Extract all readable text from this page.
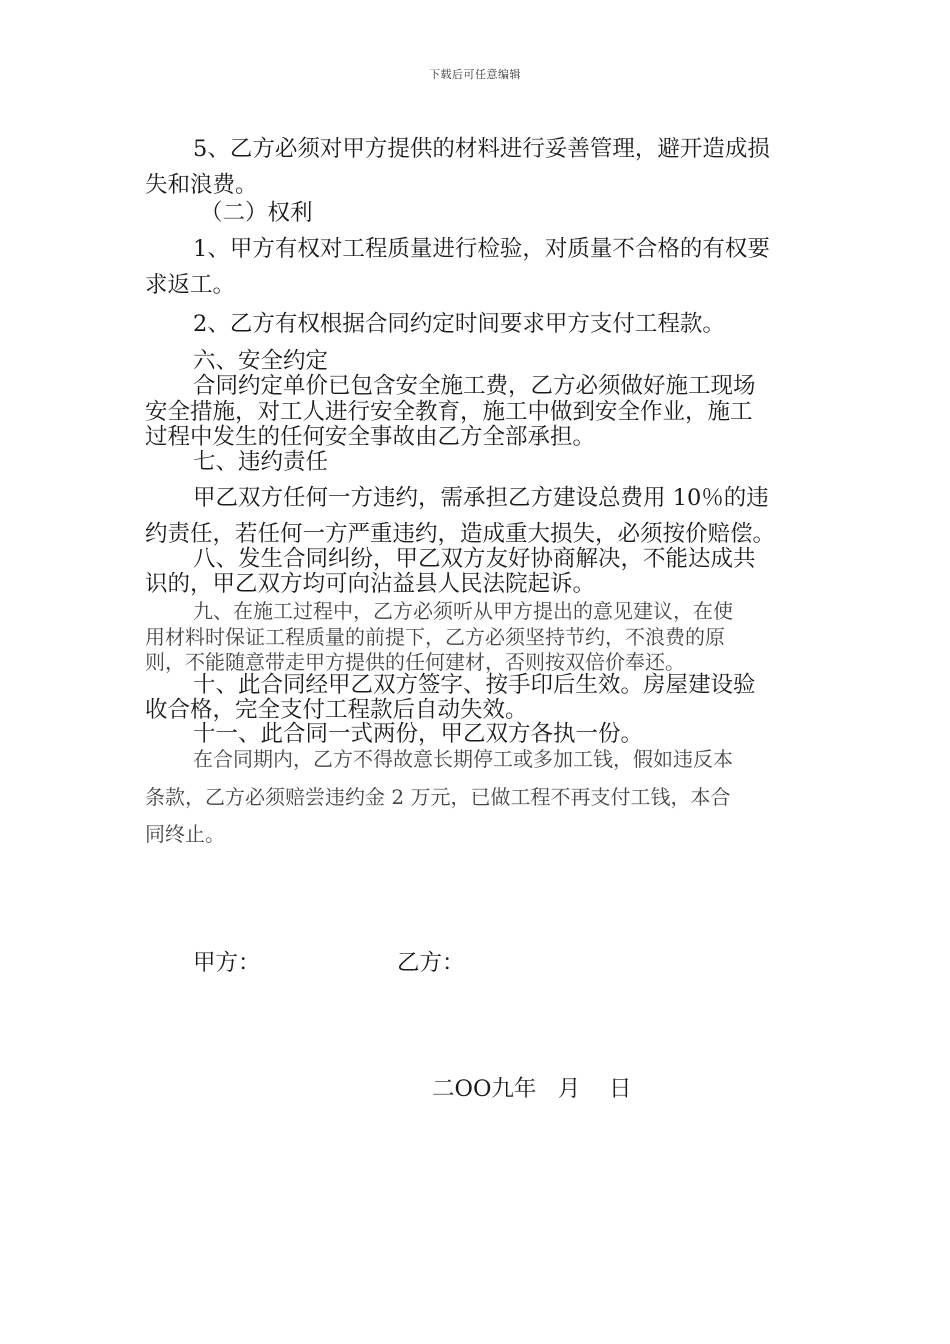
下载后可任意编辑
5、乙方必须对甲方提供的材料进行妥善管理，避开造成损
失和浪费。
（二）权利
1、甲方有权对工程质量进行检验，对质量不合格的有权要
求返工。
2、乙方有权根据合同约定时间要求甲方支付工程款。
六、安全约定
合同约定单价已包含安全施工费，乙方必须做好施工现场
安全措施，对工人进行安全教育，施工中做到安全作业，施工
过程中发生的任何安全事故由乙方全部承担。
七、违约责任
甲乙双方任何一方违约，需承担乙方建设总费用 10％的违
约责任，若任何一方严重违约，造成重大损失，必须按价赔偿。
八、发生合同纠纷，甲乙双方友好协商解决，不能达成共
识的，甲乙双方均可向沾益县人民法院起诉。
九、在施工过程中，乙方必须听从甲方提出的意见建议，在使
用材料时保证工程质量的前提下，乙方必须坚持节约，不浪费的原
则，不能随意带走甲方提供的任何建材，否则按双倍价奉还。
十、此合同经甲乙双方签字、按手印后生效。房屋建设验
收合格，完全支付工程款后自动失效。
十一、此合同一式两份，甲乙双方各执一份。
在合同期内，乙方不得故意长期停工或多加工钱，假如违反本
条款，乙方必须赔尝违约金 2 万元，已做工程不再支付工钱，本合
同终止。
甲方：	乙方：
二OO九年   月    日
